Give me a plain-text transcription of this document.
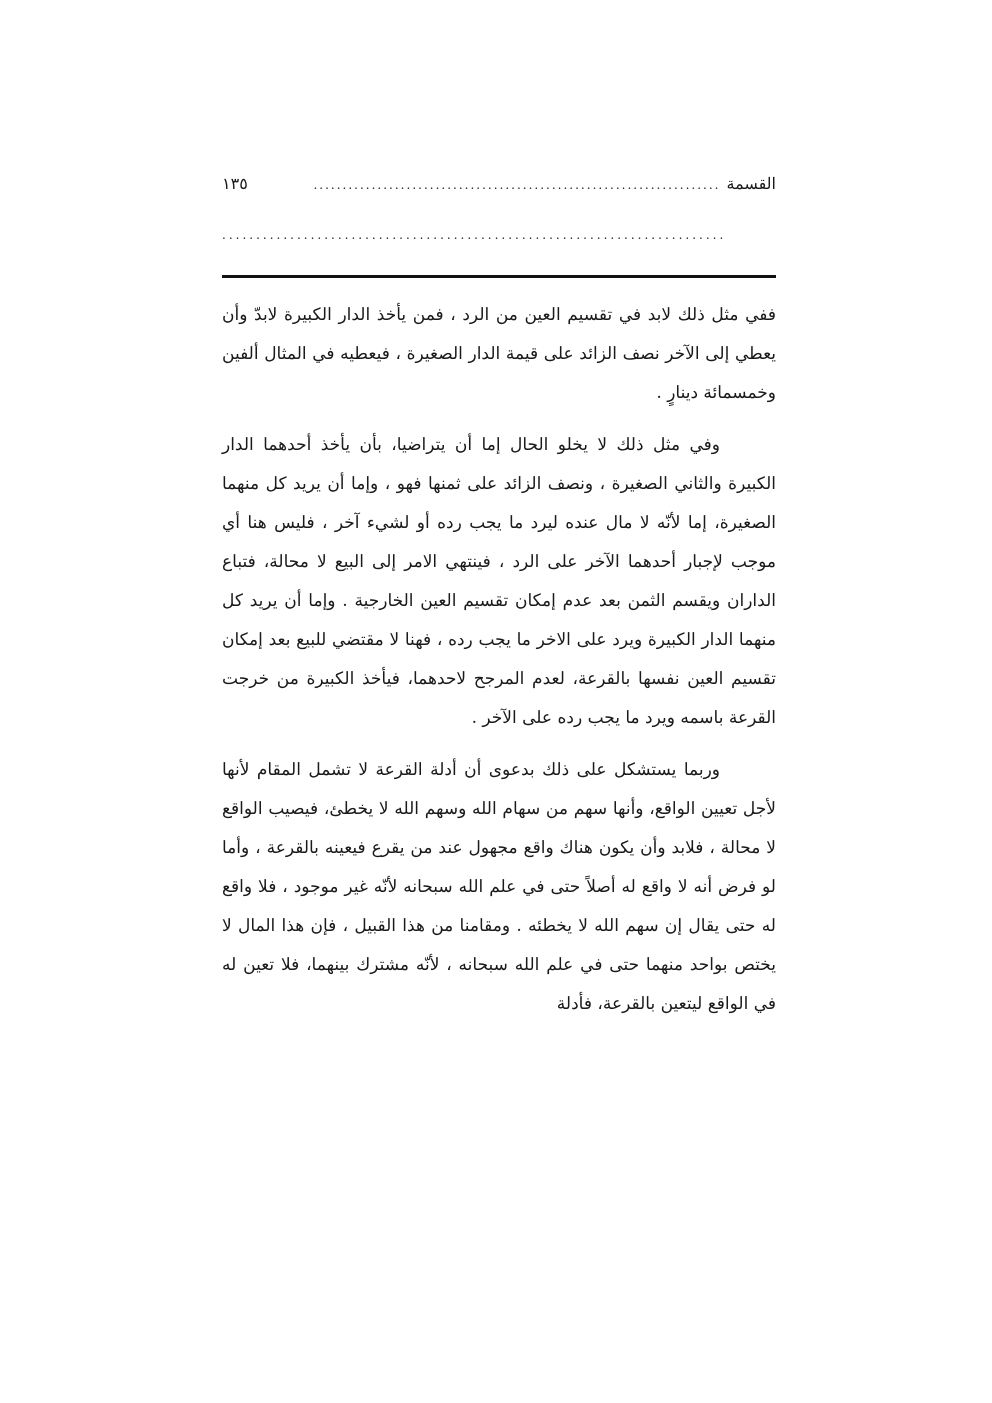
القسمة
......................................................................
١٣٥
..........................................................................

ففي مثل ذلك لابد في تقسيم العين من الرد ، فمن يأخذ الدار الكبيرة لابدّ وأن يعطي إلى الآخر نصف الزائد على قيمة الدار الصغيرة ، فيعطيه في المثال ألفين وخمسمائة دينارٍ .

وفي مثل ذلك لا يخلو الحال إما أن يتراضيا، بأن يأخذ أحدهما الدار الكبيرة والثاني الصغيرة ، ونصف الزائد على ثمنها فهو ، وإما أن يريد كل منهما الصغيرة، إما لأنّه لا مال عنده ليرد ما يجب رده أو لشيء آخر ، فليس هنا أي موجب لإجبار أحدهما الآخر على الرد ، فينتهي الامر إلى البيع لا محالة، فتباع الداران ويقسم الثمن بعد عدم إمكان تقسيم العين الخارجية . وإما أن يريد كل منهما الدار الكبيرة ويرد على الاخر ما يجب رده ، فهنا لا مقتضي للبيع بعد إمكان تقسيم العين نفسها بالقرعة، لعدم المرجح لاحدهما، فيأخذ الكبيرة من خرجت القرعة باسمه ويرد ما يجب رده على الآخر .

وربما يستشكل على ذلك بدعوى أن أدلة القرعة لا تشمل المقام لأنها لأجل تعيين الواقع، وأنها سهم من سهام الله وسهم الله لا يخطئ، فيصيب الواقع لا محالة ، فلابد وأن يكون هناك واقع مجهول عند من يقرع فيعينه بالقرعة ، وأما لو فرض أنه لا واقع له أصلاً حتى في علم الله سبحانه لأنّه غير موجود ، فلا واقع له حتى يقال إن سهم الله لا يخطئه . ومقامنا من هذا القبيل ، فإن هذا المال لا يختص بواحد منهما حتى في علم الله سبحانه ، لأنّه مشترك بينهما، فلا تعين له في الواقع ليتعين بالقرعة، فأدلة
